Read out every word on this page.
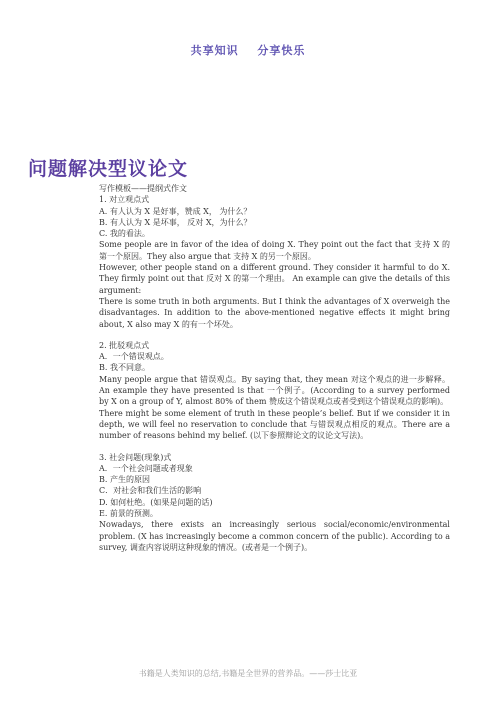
共享知识 分享快乐
问题解决型议论文

写作模板——提纲式作文

1. 对立观点式

A. 有人认为 X 是好事，赞成 X， 为什么？

B. 有人认为 X 是坏事， 反对 X，为什么？

C. 我的看法。

Some people are in favor of the idea of doing X. They point out the fact that 支持 X 的第一个原因。They also argue that 支持 X 的另一个原因。

However, other people stand on a different ground. They consider it harmful to do X. They firmly point out that 反对 X 的第一个理由。 An example can give the details of this argument:

There is some truth in both arguments. But I think the advantages of X overweigh the disadvantages. In addition to the above-mentioned negative effects it might bring about, X also may X 的有一个坏处。

2. 批驳观点式

A．一个错误观点。

B. 我不同意。

Many people argue that 错误观点。By saying that, they mean 对这个观点的进一步解释。An example they have presented is that 一个例子。(According to a survey performed by X on a group of Y, almost 80% of them 赞成这个错误观点或者受到这个错误观点的影响)。

There might be some element of truth in these people’s belief. But if we consider it in depth, we will feel no reservation to conclude that 与错误观点相反的观点。There are a number of reasons behind my belief. (以下参照辩论文的议论文写法)。

3. 社会问题(现象)式

A．一个社会问题或者现象

B. 产生的原因

C．对社会和我们生活的影响

D. 如何杜绝。(如果是问题的话)

E. 前景的预测。

Nowadays, there exists an increasingly serious social/economic/environmental problem. (X has increasingly become a common concern of the public). According to a survey, 调查内容说明这种现象的情况。(或者是一个例子)。

书籍是人类知识的总结,书籍是全世界的营养品。——莎士比亚
